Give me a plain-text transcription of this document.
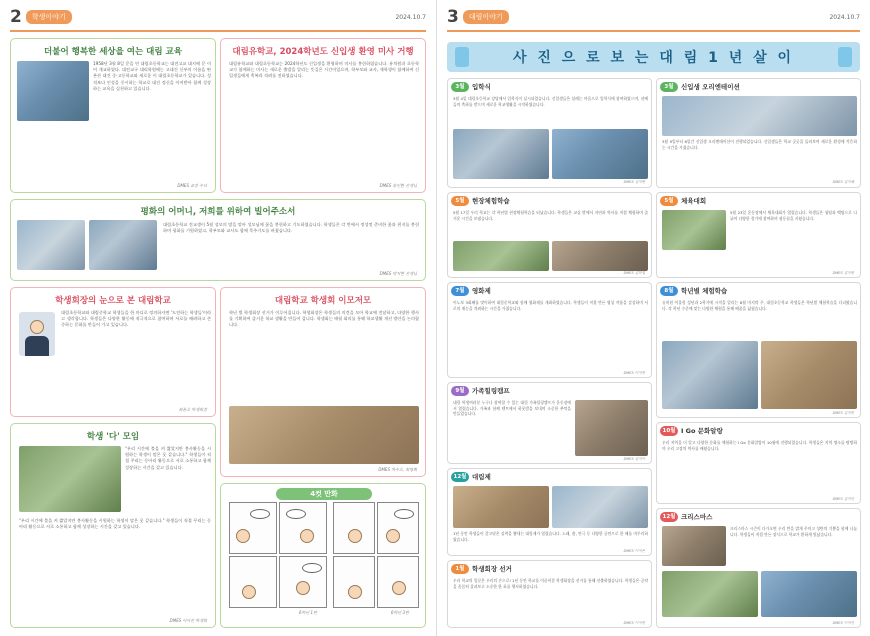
2	학생이야기	2024.10.7
더불어 행복한 세상을 여는 대림 교육
1958년 3월 8일 문을 연 대림초등학교는 대전고교 대지에 문 이어 개교하였다. 대전교구 대리학원에는 고대건 신부의 이름을 딴 본산 대건 중·고등학교와 새로운 이 대림초등학교가 있습니다. 성적보다 인성을 중시하는 학교로 대건 정신을 이어받아 함께 성장하는 교육을 실천하고 있습니다.
DMES 교장 수녀
대림유학교, 2024학년도 신입생 환영 미사 거행
대림유학교와 대림초등학교는 2024학년도 신입생을 환영하며 미사를 봉헌하였습니다. 유치원과 초등학교가 함께하는 미사는 새로운 출발을 알리는 뜻깊은 시간이었으며, 학부모와 교사, 재학생이 함께하여 신입생들에게 축복과 격려를 전하였습니다.
DMES 송인한 선생님
평화의 어머니, 저희를 위하여 빌어주소서
대림초등학교 전교생이 5월 성모의 밤을 맞아 성모님께 꽃을 봉헌하고 기도하였습니다. 학생들은 각 반에서 정성껏 준비한 꽃과 편지를 봉헌하며 평화를 기원하였고, 학부모와 교사도 함께 묵주기도를 바쳤습니다.
DMES 박지현 선생님
학생회장의 눈으로 본 대림학교
대림초등학교와 대림중학교 학생들을 한 마디로 정의하자면 '도전하는 학생들'이라고 생각합니다. 학생들은 다양한 활동에 적극적으로 참여하며 서로를 배려하고 존중하는 문화를 만들어 가고 있습니다.
최윤호 학생회장
대림학교 학생회 이모저모
학년 별 학생회장 선거가 이루어집니다. 학생회장은 학생들의 의견을 모아 학교에 전달하고, 다양한 행사를 기획하여 즐거운 학교 생활을 만들어 갑니다. 학생회는 매월 회의를 통해 학교생활 개선 방안을 논의합니다.
DMES 차수호, 최영희
학생 '다' 모임
"우리 시간에 불을 켜 짧았지만 봉사활동을 시원하는 학생이 말은 옷 같습니다." 학생들이 직접 꾸리는 동아리 활동으로 서로 소통하고 함께 성장하는 시간을 갖고 있습니다.
"우리 시간에 불을 켜 짧았지만 봉사활동을 시원하는 학생이 말은 옷 같습니다." 학생들이 직접 꾸리는 동아리 활동으로 서로 소통하고 함께 성장하는 시간을 갖고 있습니다.
DMES 이아진 학생회
4컷 만화
6학년 1반	6학년 3반
3	대림이야기	2024.10.7
사 진 으 로 보 는 대 림 1 년 살 이
3월	입학식
3월 4일 대림초등학교 강당에서 입학식이 실시되었습니다. 신입생들은 설레는 마음으로 입학식에 참여하였으며, 선배들의 축하를 받으며 새로운 학교생활을 시작하였습니다.
DMES 김지현
3월	신입생 오리엔테이션
3월 9일부터 6일간 신입생 오리엔테이션이 진행되었습니다. 신입생들은 학교 곳곳을 둘러보며 새로운 환경에 적응하는 시간을 가졌습니다.
DMES 김지혜
5월	현장체험학습
5월 17일 우리 학교는 각 학년별 현장체험학습을 떠났습니다. 학생들은 교실 밖에서 자연과 역사를 직접 체험하며 즐거운 시간을 보냈습니다.
DMES 김하영
5월	체육대회
5월 23일 운동장에서 체육대회가 열렸습니다. 학생들은 청팀과 백팀으로 나뉘어 다양한 경기에 참여하며 협동심을 키웠습니다.
DMES 김지현
7월	영화제
이노보 3회째를 맞이하여 대림중학교와 함께 영화제를 개최하였습니다. 학생들이 직접 만든 영상 작품을 감상하며 서로의 재능을 격려하는 시간을 가졌습니다.
DMES 이지헌
8월	학년별 체험학습
유치원 어울림 성년과 2학기에 시작을 알리는 8월 마지막 주, 대림초등학교 학생들은 학년별 체험학습을 다녀왔습니다. 각 학년 수준에 맞는 다양한 체험을 통해 배움을 넓혔습니다.
DMES 김지헌
9월	가족힐링캠프
대림 학생여러분 누구나 참여할 수 있는 대림 가족힐링캠프가 운동장에서 열렸습니다. 가족과 함께 텐트에서 하룻밤을 보내며 소중한 추억을 만들었습니다.
DMES 강지아
10월 I Go 문화알랑
우리 지역을 더 알고 다양한 문화를 체험하는 I Go 문화알랑이 10월에 진행되었습니다. 학생들은 지역 명소를 탐방하며 우리 고장의 역사를 배웠습니다.
DMES 김지연
12월 대림제
1년 동안 학생들이 갈고닦은 실력을 뽐내는 대림제가 열렸습니다. 노래, 춤, 연극 등 다양한 공연으로 한 해를 마무리하였습니다.
DMES 이지은
12월 크리스마스
크리스마스 시즌이 다가오면 우리 반을 밝게 꾸미고 성탄의 기쁨을 함께 나눕니다. 학생들이 직접 만든 장식으로 학교가 환하게 빛났습니다.
DMES 이지연
1월	학생회장 선거
우리 학교의 일꾼은 우리의 손으로! 1년 동안 학교를 이끌어갈 학생회장을 선거를 통해 선출하였습니다. 학생들은 공약을 꼼꼼히 살펴보고 소중한 한 표를 행사하였습니다.
DMES 이지헌
